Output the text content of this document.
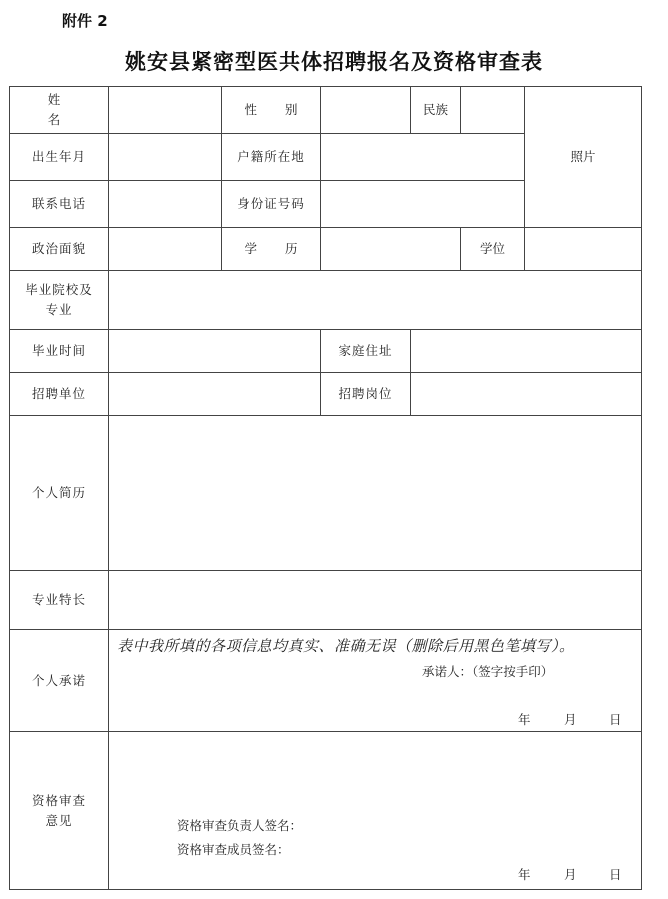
附件 2
姚安县紧密型医共体招聘报名及资格审查表
姓 名		性 别		民族		照片
出生年月		户籍所在地				
联系电话		身份证号码				
政治面貌		学 历			学位	
毕业院校及专业						
毕业时间			家庭住址			
招聘单位			招聘岗位			
个人简历						
专业特长						
个人承诺	表中我所填的各项信息均真实、准确无误（删除后用黑色笔填写）。
承诺人：（签字按手印）
年 月 日					

资格审查意见	资格审查负责人签名：
资格审查成员签名：
年 月 日					
